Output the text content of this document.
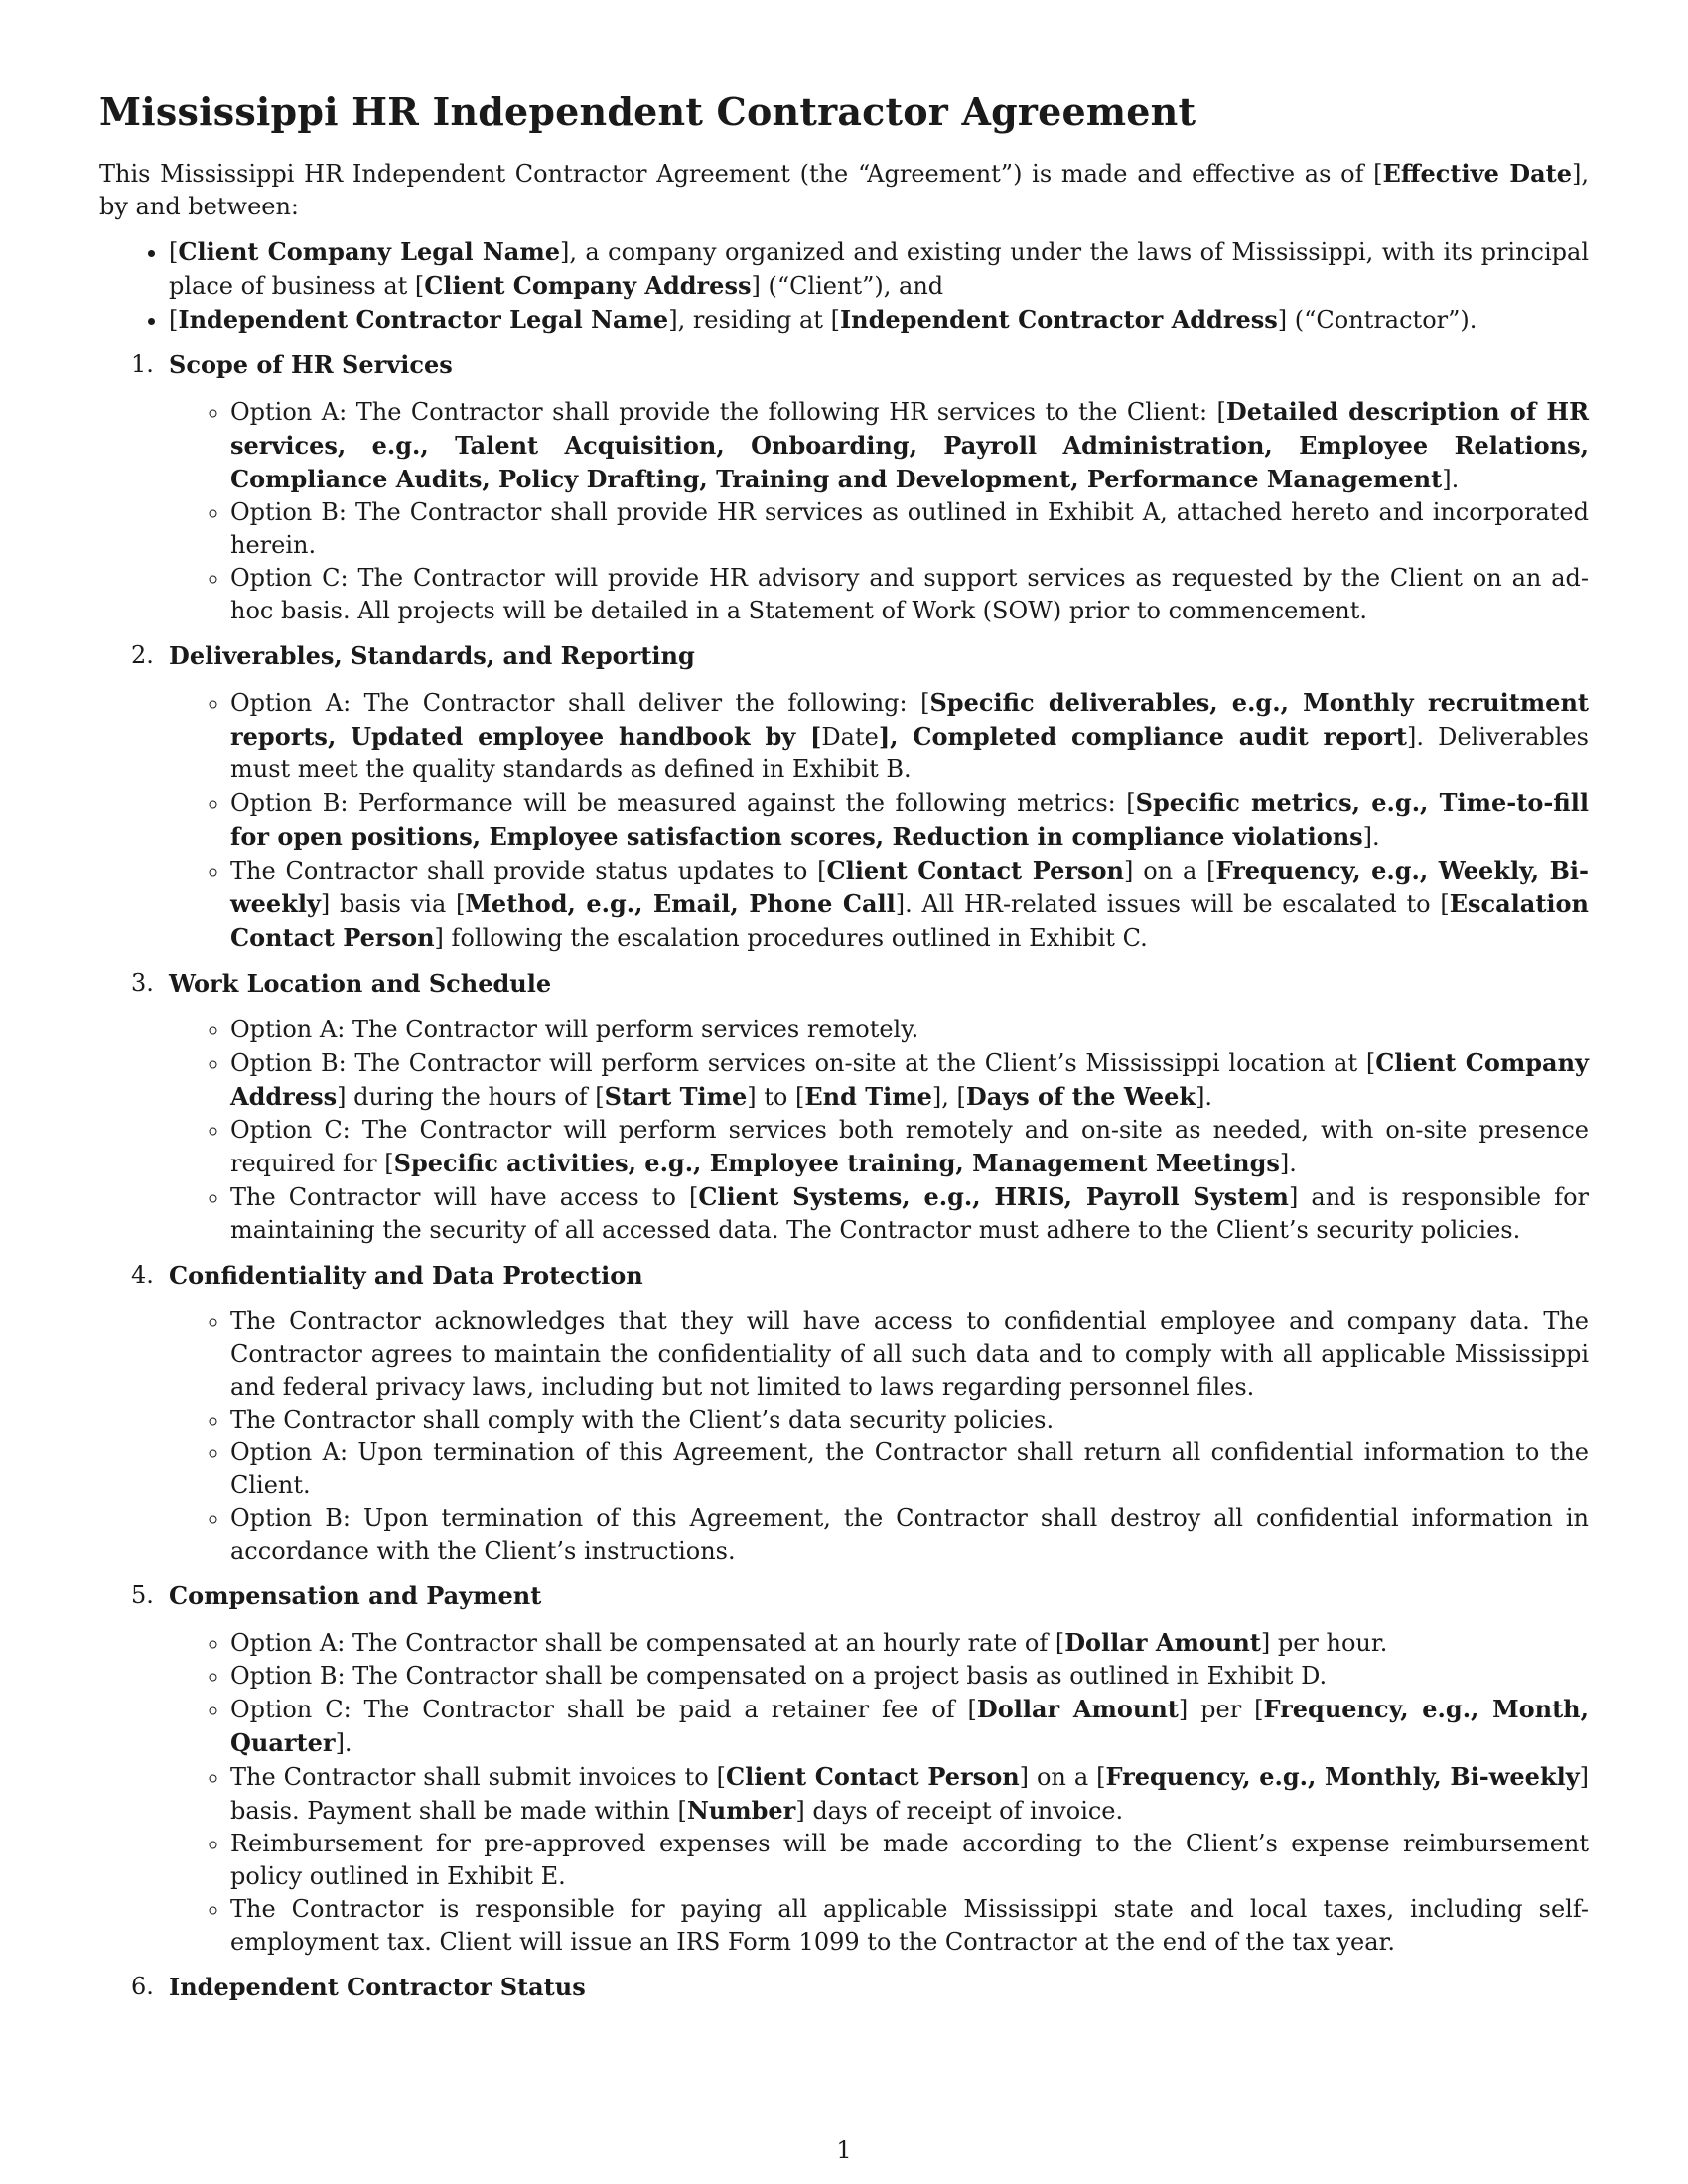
Mississippi HR Independent Contractor Agreement

This Mississippi HR Independent Contractor Agreement (the “Agreement”) is made and effective as of [Effective Date], by and between:

• [Client Company Legal Name], a company organized and existing under the laws of Mississippi, with its principal place of business at [Client Company Address] (“Client”), and
• [Independent Contractor Legal Name], residing at [Independent Contractor Address] (“Contractor”).
1. Scope of HR Services
◦ Option A: The Contractor shall provide the following HR services to the Client: [Detailed description of HR services, e.g., Talent Acquisition, Onboarding, Payroll Administration, Employee Relations, Compliance Audits, Policy Drafting, Training and Development, Performance Management].
◦ Option B: The Contractor shall provide HR services as outlined in Exhibit A, attached hereto and incorporated herein.
◦ Option C: The Contractor will provide HR advisory and support services as requested by the Client on an ad-hoc basis. All projects will be detailed in a Statement of Work (SOW) prior to commencement.
2. Deliverables, Standards, and Reporting
◦ Option A: The Contractor shall deliver the following: [Specific deliverables, e.g., Monthly recruitment reports, Updated employee handbook by [Date], Completed compliance audit report]. Deliverables must meet the quality standards as defined in Exhibit B.
◦ Option B: Performance will be measured against the following metrics: [Specific metrics, e.g., Time-to-fill for open positions, Employee satisfaction scores, Reduction in compliance violations].
◦ The Contractor shall provide status updates to [Client Contact Person] on a [Frequency, e.g., Weekly, Bi-weekly] basis via [Method, e.g., Email, Phone Call]. All HR-related issues will be escalated to [Escalation Contact Person] following the escalation procedures outlined in Exhibit C.
3. Work Location and Schedule
◦ Option A: The Contractor will perform services remotely.
◦ Option B: The Contractor will perform services on-site at the Client’s Mississippi location at [Client Company Address] during the hours of [Start Time] to [End Time], [Days of the Week].
◦ Option C: The Contractor will perform services both remotely and on-site as needed, with on-site presence required for [Specific activities, e.g., Employee training, Management Meetings].
◦ The Contractor will have access to [Client Systems, e.g., HRIS, Payroll System] and is responsible for maintaining the security of all accessed data. The Contractor must adhere to the Client’s security policies.
4. Confidentiality and Data Protection
◦ The Contractor acknowledges that they will have access to confidential employee and company data. The Contractor agrees to maintain the confidentiality of all such data and to comply with all applicable Mississippi and federal privacy laws, including but not limited to laws regarding personnel files.
◦ The Contractor shall comply with the Client’s data security policies.
◦ Option A: Upon termination of this Agreement, the Contractor shall return all confidential information to the Client.
◦ Option B: Upon termination of this Agreement, the Contractor shall destroy all confidential information in accordance with the Client’s instructions.
5. Compensation and Payment
◦ Option A: The Contractor shall be compensated at an hourly rate of [Dollar Amount] per hour.
◦ Option B: The Contractor shall be compensated on a project basis as outlined in Exhibit D.
◦ Option C: The Contractor shall be paid a retainer fee of [Dollar Amount] per [Frequency, e.g., Month, Quarter].
◦ The Contractor shall submit invoices to [Client Contact Person] on a [Frequency, e.g., Monthly, Bi-weekly] basis. Payment shall be made within [Number] days of receipt of invoice.
◦ Reimbursement for pre-approved expenses will be made according to the Client’s expense reimbursement policy outlined in Exhibit E.
◦ The Contractor is responsible for paying all applicable Mississippi state and local taxes, including self-employment tax. Client will issue an IRS Form 1099 to the Contractor at the end of the tax year.
6. Independent Contractor Status
1
